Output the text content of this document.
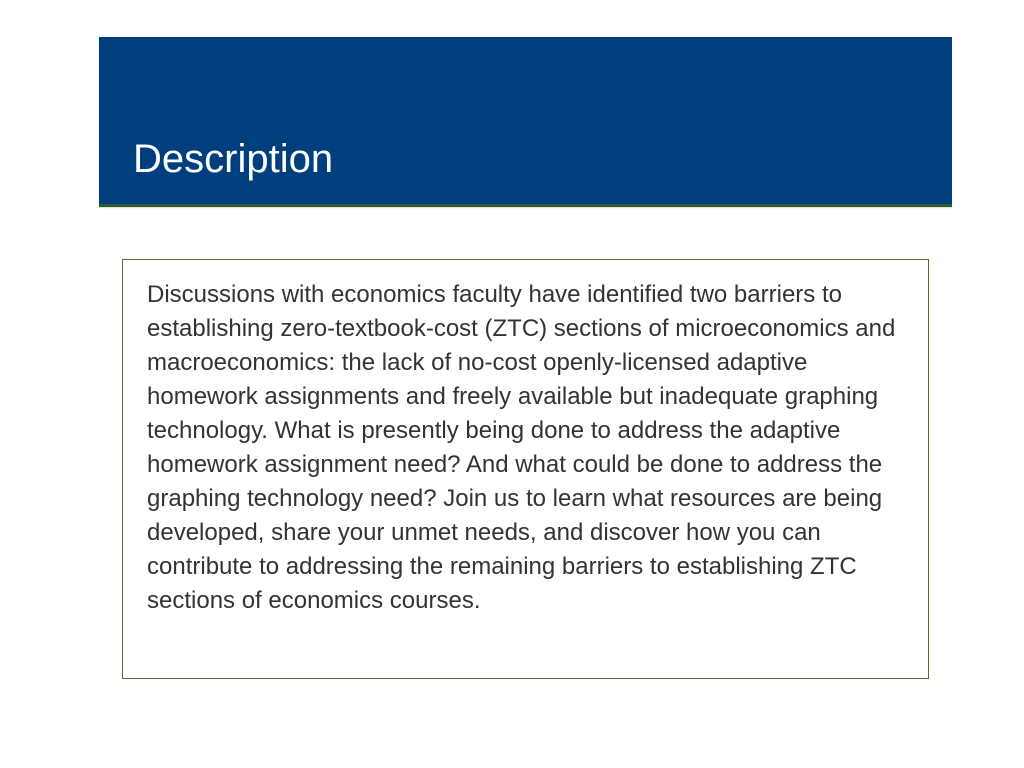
Description

Discussions with economics faculty have identified two barriers to establishing zero-textbook-cost (ZTC) sections of microeconomics and macroeconomics: the lack of no-cost openly-licensed adaptive homework assignments and freely available but inadequate graphing technology. What is presently being done to address the adaptive homework assignment need? And what could be done to address the graphing technology need? Join us to learn what resources are being developed, share your unmet needs, and discover how you can contribute to addressing the remaining barriers to establishing ZTC sections of economics courses.
